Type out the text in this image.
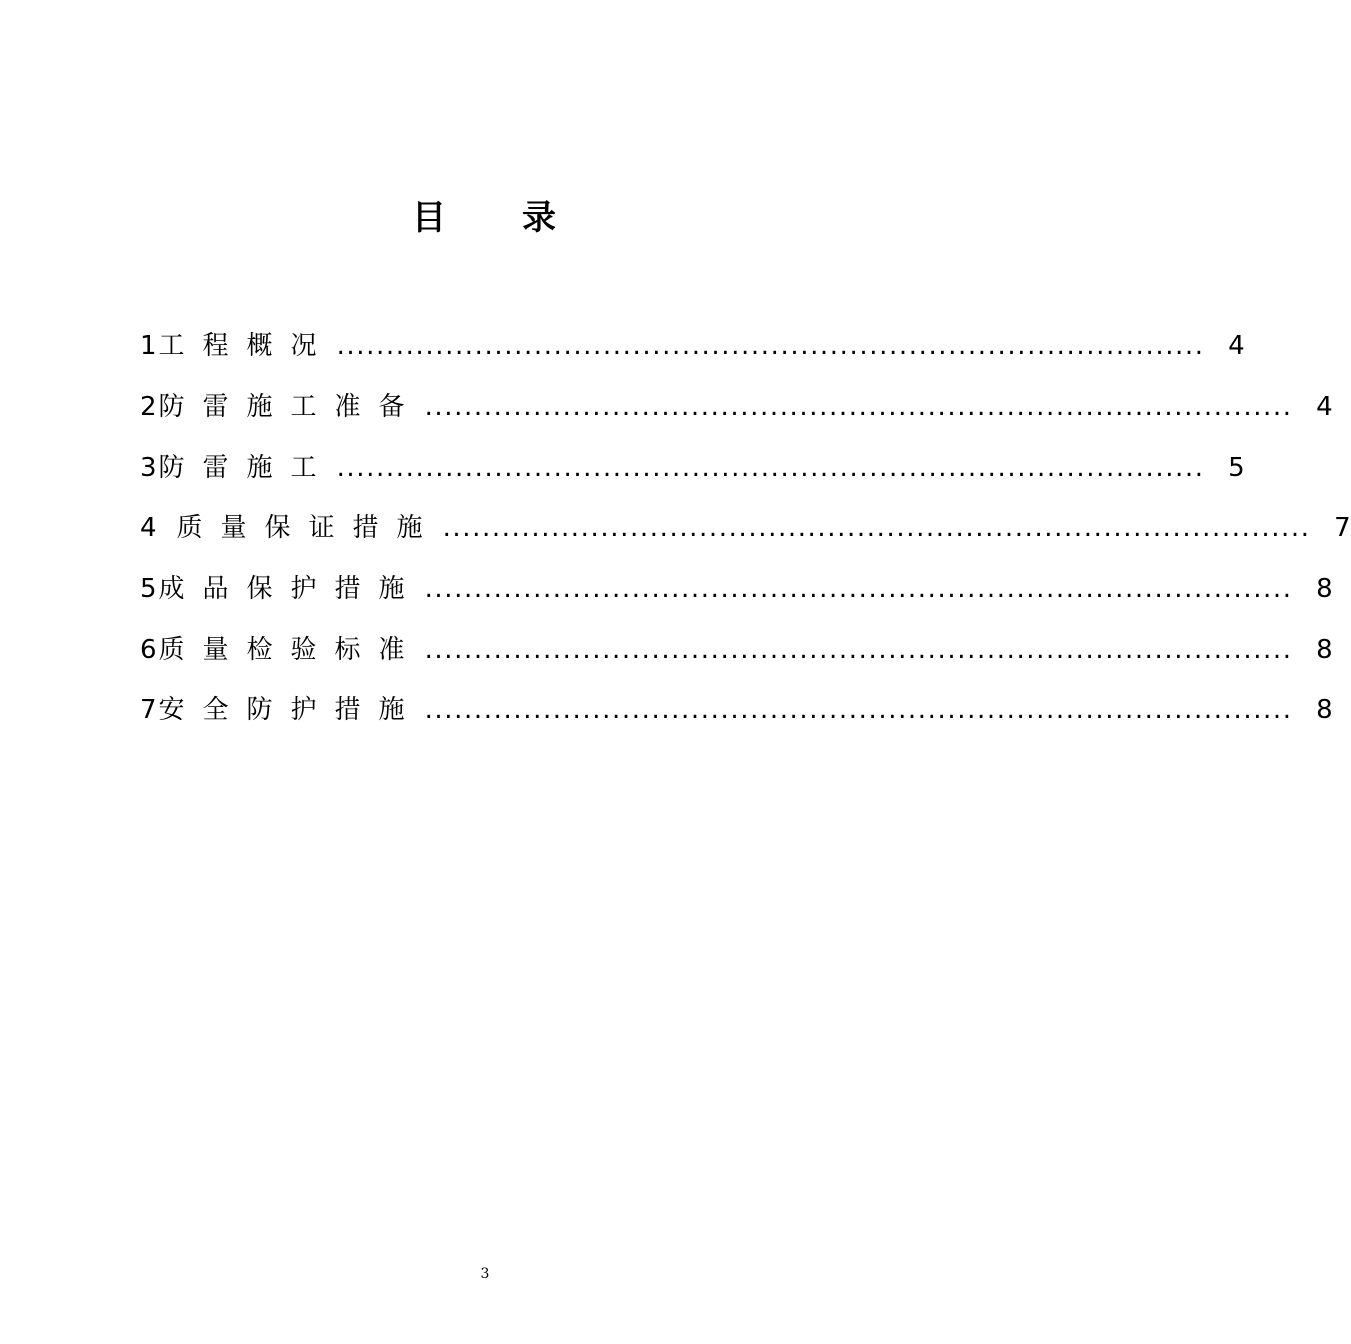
目 录
1 工程概况 ........................................................................................ 4
2 防雷施工准备 ........................................................................................ 4
3 防雷施工 ........................................................................................ 5
4 质量保证措施 ........................................................................................ 7
5 成品保护措施 ........................................................................................ 8
6 质量检验标准 ........................................................................................ 8
7 安全防护措施 ........................................................................................ 8
3
